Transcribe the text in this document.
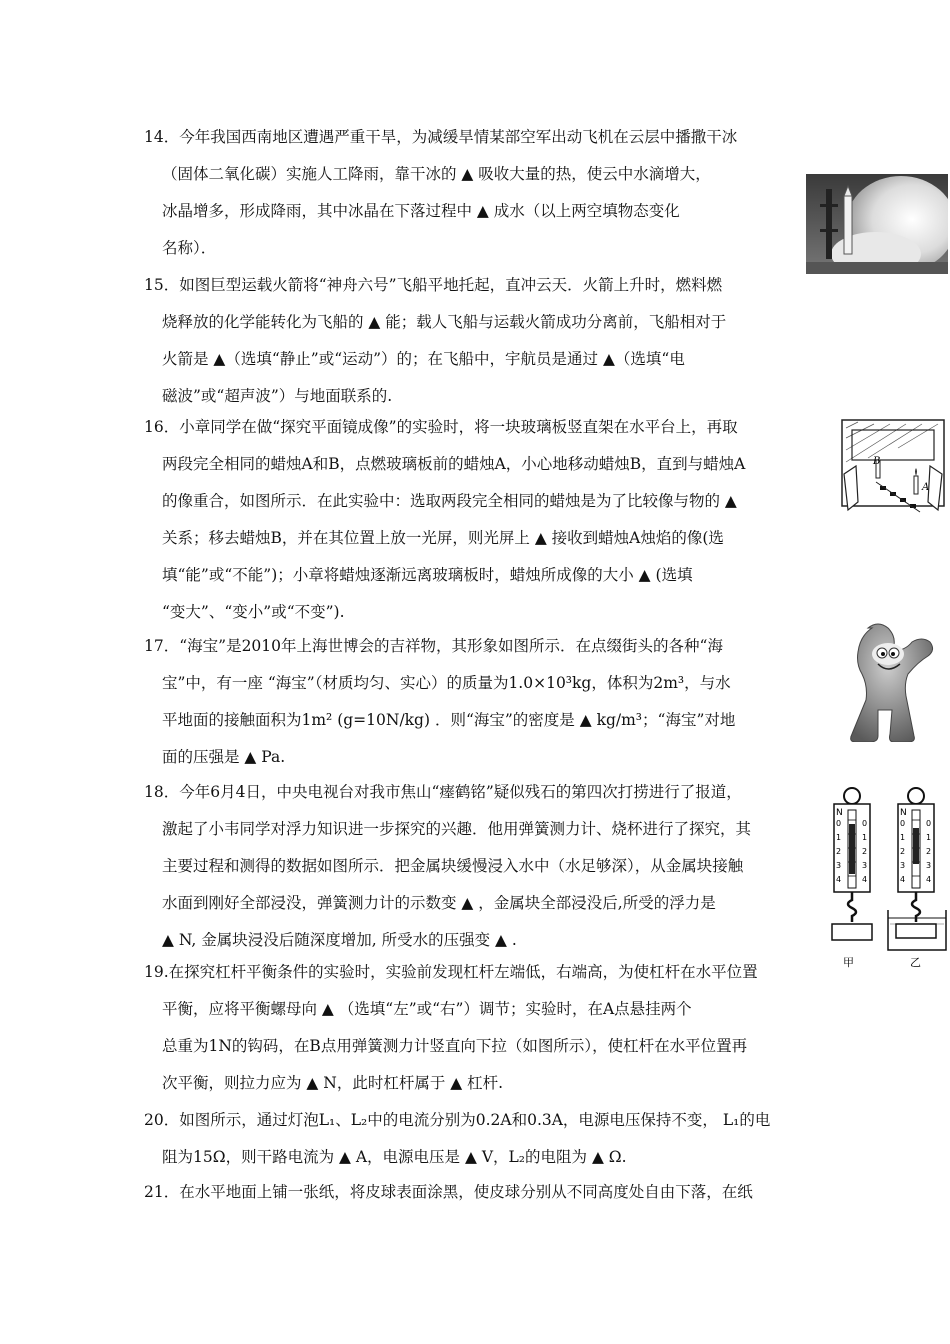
14．今年我国西南地区遭遇严重干旱，为减缓旱情某部空军出动飞机在云层中播撒干冰
（固体二氧化碳）实施人工降雨，靠干冰的 ▲ 吸收大量的热，使云中水滴增大，
冰晶增多，形成降雨，其中冰晶在下落过程中 ▲ 成水（以上两空填物态变化
名称）．
15．如图巨型运载火箭将“神舟六号”飞船平地托起，直冲云天．火箭上升时，燃料燃
烧释放的化学能转化为飞船的 ▲ 能；载人飞船与运载火箭成功分离前，飞船相对于
火箭是 ▲（选填“静止”或“运动”）的；在飞船中，宇航员是通过 ▲（选填“电
磁波”或“超声波”）与地面联系的.
16．小章同学在做“探究平面镜成像”的实验时，将一块玻璃板竖直架在水平台上，再取
两段完全相同的蜡烛A和B，点燃玻璃板前的蜡烛A，小心地移动蜡烛B，直到与蜡烛A
的像重合，如图所示．在此实验中：选取两段完全相同的蜡烛是为了比较像与物的 ▲
关系；移去蜡烛B，并在其位置上放一光屏，则光屏上 ▲ 接收到蜡烛A烛焰的像(选
填“能”或“不能”)；小章将蜡烛逐渐远离玻璃板时，蜡烛所成像的大小 ▲ (选填
“变大”、“变小”或“不变”).
17．“海宝”是2010年上海世博会的吉祥物，其形象如图所示．在点缀街头的各种“海
宝”中，有一座 “海宝”（材质均匀、实心）的质量为1.0×10³kg，体积为2m³，与水
平地面的接触面积为1m² (g=10N/kg) ．则“海宝”的密度是 ▲ kg/m³；“海宝”对地
面的压强是 ▲ Pa.
18．今年6月4日，中央电视台对我市焦山“瘗鹤铭”疑似残石的第四次打捞进行了报道，
激起了小韦同学对浮力知识进一步探究的兴趣．他用弹簧测力计、烧杯进行了探究，其
主要过程和测得的数据如图所示．把金属块缓慢浸入水中（水足够深），从金属块接触
水面到刚好全部浸没，弹簧测力计的示数变 ▲ ，金属块全部浸没后,所受的浮力是
▲ N, 金属块浸没后随深度增加, 所受水的压强变 ▲ .
19.在探究杠杆平衡条件的实验时，实验前发现杠杆左端低，右端高，为使杠杆在水平位置
平衡，应将平衡螺母向 ▲ （选填“左”或“右”）调节；实验时，在A点悬挂两个
总重为1N的钩码，在B点用弹簧测力计竖直向下拉（如图所示），使杠杆在水平位置再
次平衡，则拉力应为 ▲ N，此时杠杆属于 ▲ 杠杆.
20．如图所示，通过灯泡L₁、L₂中的电流分别为0.2A和0.3A，电源电压保持不变， L₁的电
阻为15Ω，则干路电流为 ▲ A，电源电压是 ▲ V，L₂的电阻为 ▲ Ω.
21．在水平地面上铺一张纸，将皮球表面涂黑，使皮球分别从不同高度处自由下落，在纸
B
A
N
0
1
2
3
4
0
1
2
3
4
甲
N
0
1
2
3
4
0
1
2
3
4
乙
